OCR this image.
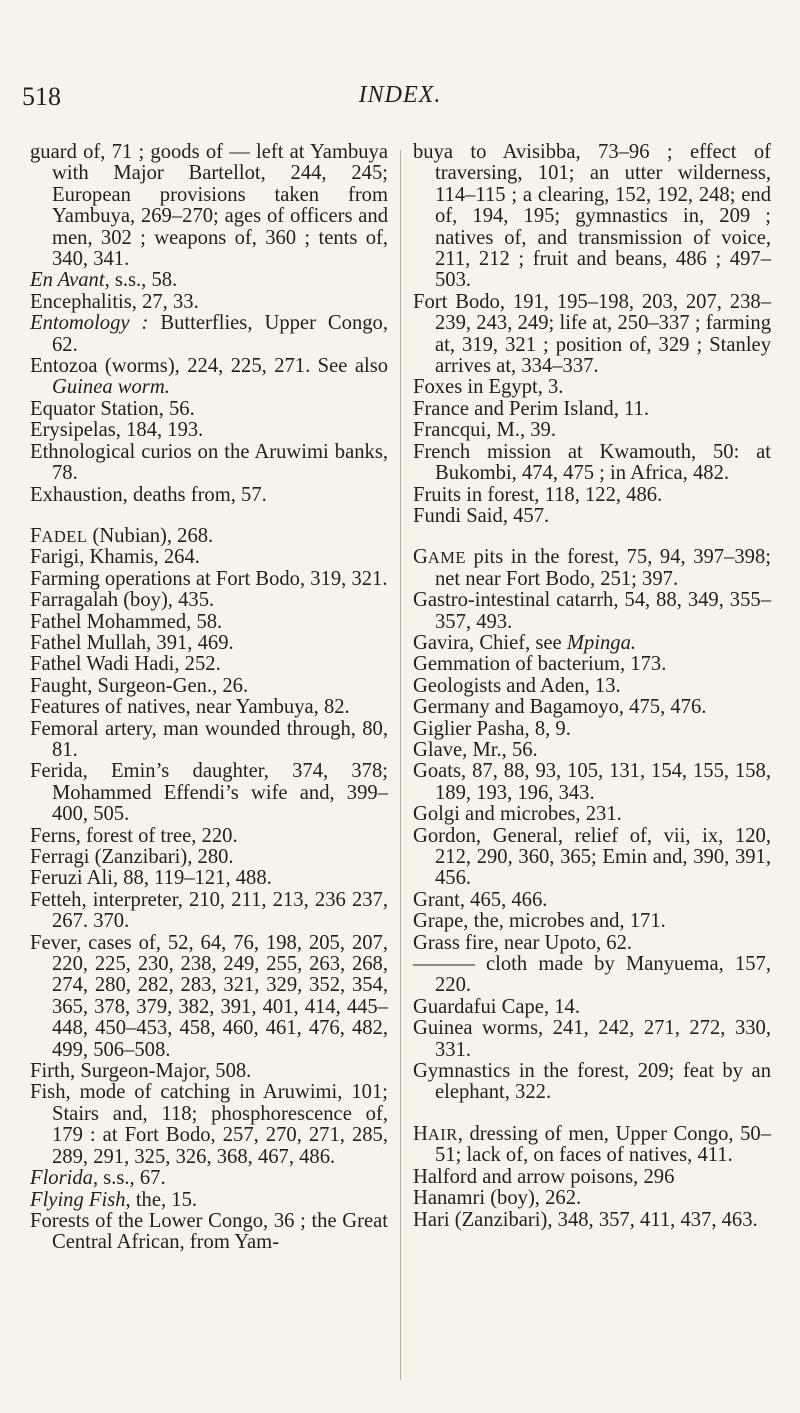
518	INDEX.
guard of, 71 ; goods of — left at Yambuya with Major Bartellot, 244, 245; European provisions taken from Yambuya, 269–270; ages of officers and men, 302 ; weapons of, 360 ; tents of, 340, 341.
En Avant, s.s., 58.
Encephalitis, 27, 33.
Entomology : Butterflies, Upper Congo, 62.
Entozoa (worms), 224, 225, 271. See also Guinea worm.
Equator Station, 56.
Erysipelas, 184, 193.
Ethnological curios on the Aruwimi banks, 78.
Exhaustion, deaths from, 57.
FADEL (Nubian), 268.
Farigi, Khamis, 264.
Farming operations at Fort Bodo, 319, 321.
Farragalah (boy), 435.
Fathel Mohammed, 58.
Fathel Mullah, 391, 469.
Fathel Wadi Hadi, 252.
Faught, Surgeon-Gen., 26.
Features of natives, near Yambuya, 82.
Femoral artery, man wounded through, 80, 81.
Ferida, Emin’s daughter, 374, 378; Mohammed Effendi’s wife and, 399–400, 505.
Ferns, forest of tree, 220.
Ferragi (Zanzibari), 280.
Feruzi Ali, 88, 119–121, 488.
Fetteh, interpreter, 210, 211, 213, 236 237, 267. 370.
Fever, cases of, 52, 64, 76, 198, 205, 207, 220, 225, 230, 238, 249, 255, 263, 268, 274, 280, 282, 283, 321, 329, 352, 354, 365, 378, 379, 382, 391, 401, 414, 445–448, 450–453, 458, 460, 461, 476, 482, 499, 506–508.
Firth, Surgeon-Major, 508.
Fish, mode of catching in Aruwimi, 101; Stairs and, 118; phosphorescence of, 179 : at Fort Bodo, 257, 270, 271, 285, 289, 291, 325, 326, 368, 467, 486.
Florida, s.s., 67.
Flying Fish, the, 15.
Forests of the Lower Congo, 36 ; the Great Central African, from Yam-
buya to Avisibba, 73–96 ; effect of traversing, 101; an utter wilderness, 114–115 ; a clearing, 152, 192, 248; end of, 194, 195; gymnastics in, 209 ; natives of, and transmission of voice, 211, 212 ; fruit and beans, 486 ; 497–503.
Fort Bodo, 191, 195–198, 203, 207, 238–239, 243, 249; life at, 250–337 ; farming at, 319, 321 ; position of, 329 ; Stanley arrives at, 334–337.
Foxes in Egypt, 3.
France and Perim Island, 11.
Francqui, M., 39.
French mission at Kwamouth, 50: at Bukombi, 474, 475 ; in Africa, 482.
Fruits in forest, 118, 122, 486.
Fundi Said, 457.
GAME pits in the forest, 75, 94, 397–398; net near Fort Bodo, 251; 397.
Gastro-intestinal catarrh, 54, 88, 349, 355–357, 493.
Gavira, Chief, see Mpinga.
Gemmation of bacterium, 173.
Geologists and Aden, 13.
Germany and Bagamoyo, 475, 476.
Giglier Pasha, 8, 9.
Glave, Mr., 56.
Goats, 87, 88, 93, 105, 131, 154, 155, 158, 189, 193, 196, 343.
Golgi and microbes, 231.
Gordon, General, relief of, vii, ix, 120, 212, 290, 360, 365; Emin and, 390, 391, 456.
Grant, 465, 466.
Grape, the, microbes and, 171.
Grass fire, near Upoto, 62.
——— cloth made by Manyuema, 157, 220.
Guardafui Cape, 14.
Guinea worms, 241, 242, 271, 272, 330, 331.
Gymnastics in the forest, 209; feat by an elephant, 322.
HAIR, dressing of men, Upper Congo, 50–51; lack of, on faces of natives, 411.
Halford and arrow poisons, 296
Hanamri (boy), 262.
Hari (Zanzibari), 348, 357, 411, 437, 463.
